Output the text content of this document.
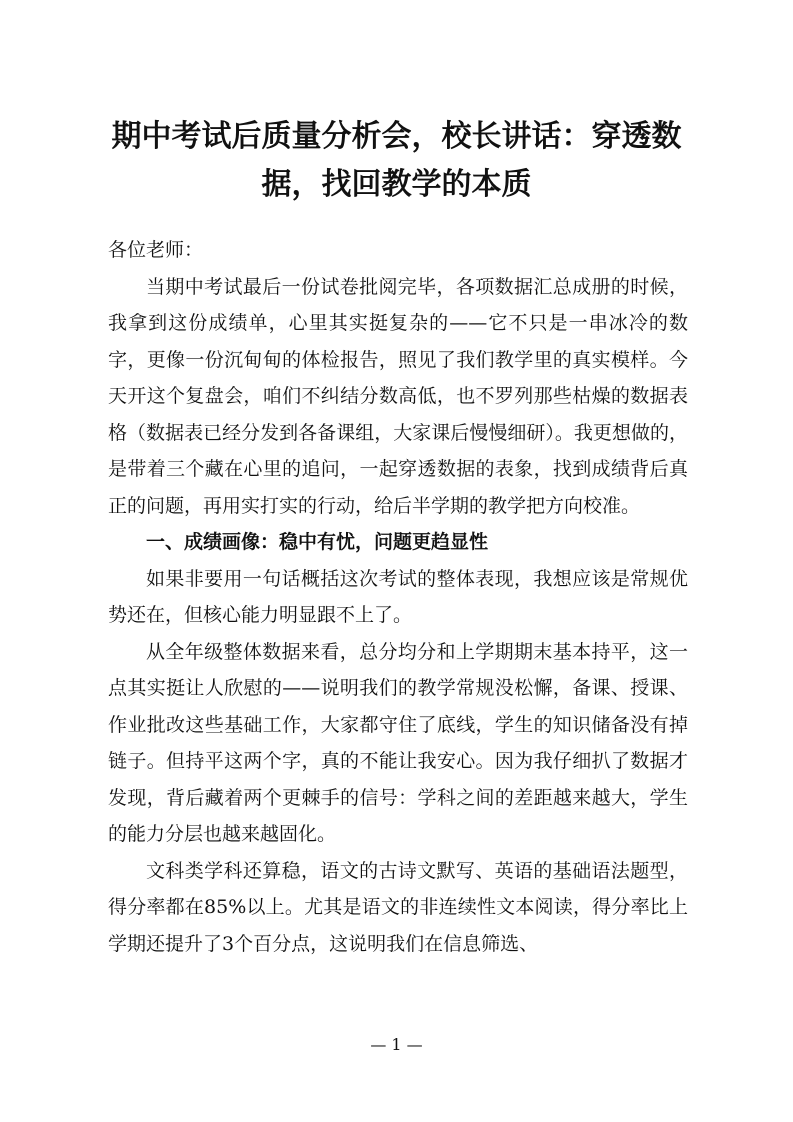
期中考试后质量分析会，校长讲话：穿透数据，找回教学的本质

各位老师：

当期中考试最后一份试卷批阅完毕，各项数据汇总成册的时候，我拿到这份成绩单，心里其实挺复杂的——它不只是一串冰冷的数字，更像一份沉甸甸的体检报告，照见了我们教学里的真实模样。今天开这个复盘会，咱们不纠结分数高低，也不罗列那些枯燥的数据表格（数据表已经分发到各备课组，大家课后慢慢细研）。我更想做的，是带着三个藏在心里的追问，一起穿透数据的表象，找到成绩背后真正的问题，再用实打实的行动，给后半学期的教学把方向校准。

一、成绩画像：稳中有忧，问题更趋显性

如果非要用一句话概括这次考试的整体表现，我想应该是常规优势还在，但核心能力明显跟不上了。

从全年级整体数据来看，总分均分和上学期期末基本持平，这一点其实挺让人欣慰的——说明我们的教学常规没松懈，备课、授课、作业批改这些基础工作，大家都守住了底线，学生的知识储备没有掉链子。但持平这两个字，真的不能让我安心。因为我仔细扒了数据才发现，背后藏着两个更棘手的信号：学科之间的差距越来越大，学生的能力分层也越来越固化。

文科类学科还算稳，语文的古诗文默写、英语的基础语法题型，得分率都在85%以上。尤其是语文的非连续性文本阅读，得分率比上学期还提升了3个百分点，这说明我们在信息筛选、

— 1 —
